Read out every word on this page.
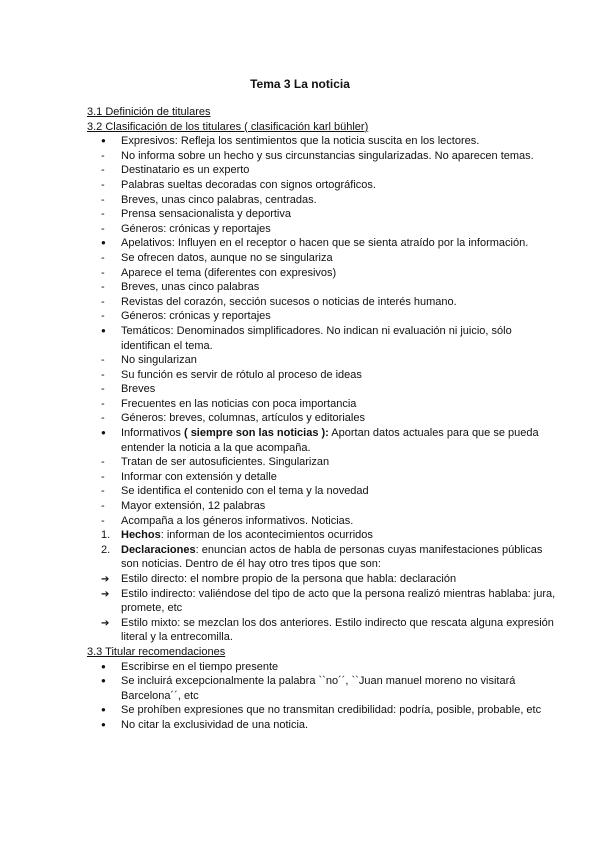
Tema 3 La noticia
3.1 Definición de titulares
3.2 Clasificación de los titulares ( clasificación karl bühler)
●
Expresivos: Refleja los sentimientos que la noticia suscita en los lectores.
-
No informa sobre un hecho y sus circunstancias singularizadas. No aparecen temas.
-
Destinatario es un experto
-
Palabras sueltas decoradas con signos ortográficos.
-
Breves, unas cinco palabras, centradas.
-
Prensa sensacionalista y deportiva
-
Géneros: crónicas y reportajes
●
Apelativos: Influyen en el receptor o hacen que se sienta atraído por la información.
-
Se ofrecen datos, aunque no se singulariza
-
Aparece el tema (diferentes con expresivos)
-
Breves, unas cinco palabras
-
Revistas del corazón, sección sucesos o noticias de interés humano.
-
Géneros: crónicas y reportajes
●
Temáticos: Denominados simplificadores. No indican ni evaluación ni juicio, sólo identifican el tema.
-
No singularizan
-
Su función es servir de rótulo al proceso de ideas
-
Breves
-
Frecuentes en las noticias con poca importancia
-
Géneros: breves, columnas, artículos y editoriales
●
Informativos ( siempre son las noticias ): Aportan datos actuales para que se pueda entender la noticia a la que acompaña.
-
Tratan de ser autosuficientes. Singularizan
-
Informar con extensión y detalle
-
Se identifica el contenido con el tema y la novedad
-
Mayor extensión, 12 palabras
-
Acompaña a los géneros informativos. Noticias.
1. Hechos: informan de los acontecimientos ocurridos
2. Declaraciones: enuncian actos de habla de personas cuyas manifestaciones públicas son noticias. Dentro de él hay otro tres tipos que son:
➔
Estilo directo: el nombre propio de la persona que habla: declaración
➔
Estilo indirecto: valiéndose del tipo de acto que la persona realizó mientras hablaba: jura, promete, etc
➔
Estilo mixto: se mezclan los dos anteriores. Estilo indirecto que rescata alguna expresión literal y la entrecomilla.
3.3 Titular recomendaciones
●
Escribirse en el tiempo presente
●
Se incluirá excepcionalmente la palabra ``no´´, ``Juan manuel moreno no visitará Barcelona´´, etc
●
Se prohíben expresiones que no transmitan credibilidad: podría, posible, probable, etc
●
No citar la exclusividad de una noticia.
